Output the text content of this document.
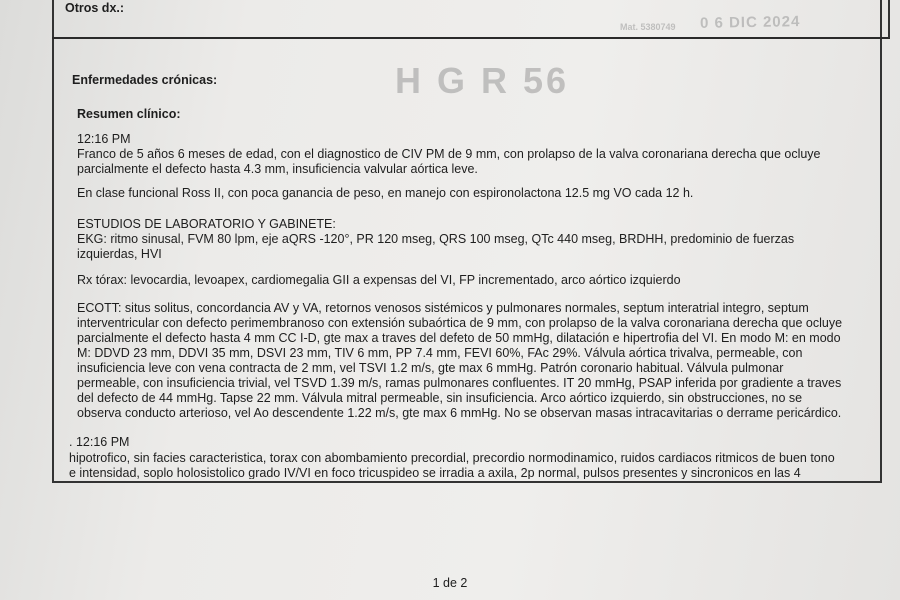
0 6 DIC 2024
Mat. 5380749
H G R 56
Otros dx.:
Enfermedades crónicas:
Resumen clínico:
12:16 PM
Franco de 5 años 6 meses de edad, con el diagnostico de CIV PM de 9 mm, con prolapso de la valva coronariana derecha que ocluye
parcialmente el defecto hasta 4.3 mm, insuficiencia valvular aórtica leve.
En clase funcional Ross II, con poca ganancia de peso, en manejo con espironolactona 12.5 mg VO cada 12 h.
ESTUDIOS DE LABORATORIO Y GABINETE:
EKG: ritmo sinusal, FVM 80 lpm, eje aQRS -120°, PR 120 mseg, QRS 100 mseg, QTc 440 mseg, BRDHH, predominio de fuerzas
izquierdas, HVI
Rx tórax: levocardia, levoapex, cardiomegalia GII a expensas del VI, FP incrementado, arco aórtico izquierdo
ECOTT: situs solitus, concordancia AV y VA, retornos venosos sistémicos y pulmonares normales, septum interatrial integro, septum
interventricular con defecto perimembranoso con extensión subaórtica de 9 mm, con prolapso de la valva coronariana derecha que ocluye
parcialmente el defecto hasta 4 mm CC I-D, gte max a traves del defeto de 50 mmHg, dilatación e hipertrofia del VI. En modo M: en modo
M: DDVD 23 mm, DDVI 35 mm, DSVI 23 mm, TIV 6 mm, PP 7.4 mm, FEVI 60%, FAc 29%. Válvula aórtica trivalva, permeable, con
insuficiencia leve con vena contracta de 2 mm, vel TSVI 1.2 m/s, gte max 6 mmHg. Patrón coronario habitual. Válvula pulmonar
permeable, con insuficiencia trivial, vel TSVD 1.39 m/s, ramas pulmonares confluentes. IT 20 mmHg, PSAP inferida por gradiente a traves
del defecto de 44 mmHg. Tapse 22 mm. Válvula mitral permeable, sin insuficiencia. Arco aórtico izquierdo, sin obstrucciones, no se
observa conducto arterioso, vel Ao descendente 1.22 m/s, gte max 6 mmHg. No se observan masas intracavitarias o derrame pericárdico.
. 12:16 PM
hipotrofico, sin facies caracteristica, torax con abombamiento precordial, precordio normodinamico, ruidos cardiacos ritmicos de buen tono
e intensidad, soplo holosistolico grado IV/VI en foco tricuspideo se irradia a axila, 2p normal, pulsos presentes y sincronicos en las 4
1 de 2
